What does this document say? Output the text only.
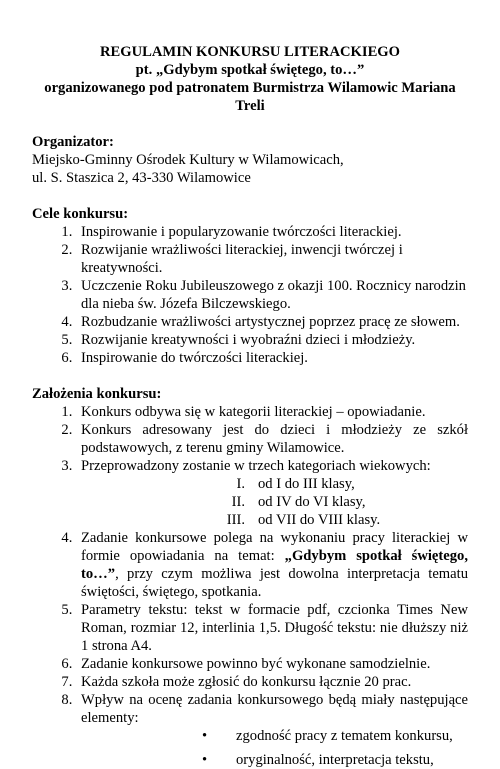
REGULAMIN KONKURSU LITERACKIEGO

pt. „Gdybym spotkał świętego, to…”

organizowanego pod patronatem Burmistrza Wilamowic Mariana Treli

Organizator:

Miejsko-Gminny Ośrodek Kultury w Wilamowicach,

ul. S. Staszica 2, 43-330 Wilamowice

Cele konkursu:

1. Inspirowanie i popularyzowanie twórczości literackiej.
2. Rozwijanie wrażliwości literackiej, inwencji twórczej i kreatywności.
3. Uczczenie Roku Jubileuszowego z okazji 100. Rocznicy narodzin dla nieba św. Józefa Bilczewskiego.
4. Rozbudzanie wrażliwości artystycznej poprzez pracę ze słowem.
5. Rozwijanie kreatywności i wyobraźni dzieci i młodzieży.
6. Inspirowanie do twórczości literackiej.

Założenia konkursu:

1. Konkurs odbywa się w kategorii literackiej – opowiadanie.
2. Konkurs adresowany jest do dzieci i młodzieży ze szkół podstawowych, z terenu gminy Wilamowice.
3. Przeprowadzony zostanie w trzech kategoriach wiekowych:
I. od I do III klasy,
II. od IV do VI klasy,
III. od VII do VIII klasy.
4. Zadanie konkursowe polega na wykonaniu pracy literackiej w formie opowiadania na temat: „Gdybym spotkał świętego, to…”, przy czym możliwa jest dowolna interpretacja tematu świętości, świętego, spotkania.
5. Parametry tekstu: tekst w formacie pdf, czcionka Times New Roman, rozmiar 12, interlinia 1,5. Długość tekstu: nie dłuższy niż 1 strona A4.
6. Zadanie konkursowe powinno być wykonane samodzielnie.
7. Każda szkoła może zgłosić do konkursu łącznie 20 prac.
8. Wpływ na ocenę zadania konkursowego będą miały następujące elementy:
•	zgodność pracy z tematem konkursu,
•	oryginalność, interpretacja tekstu,
